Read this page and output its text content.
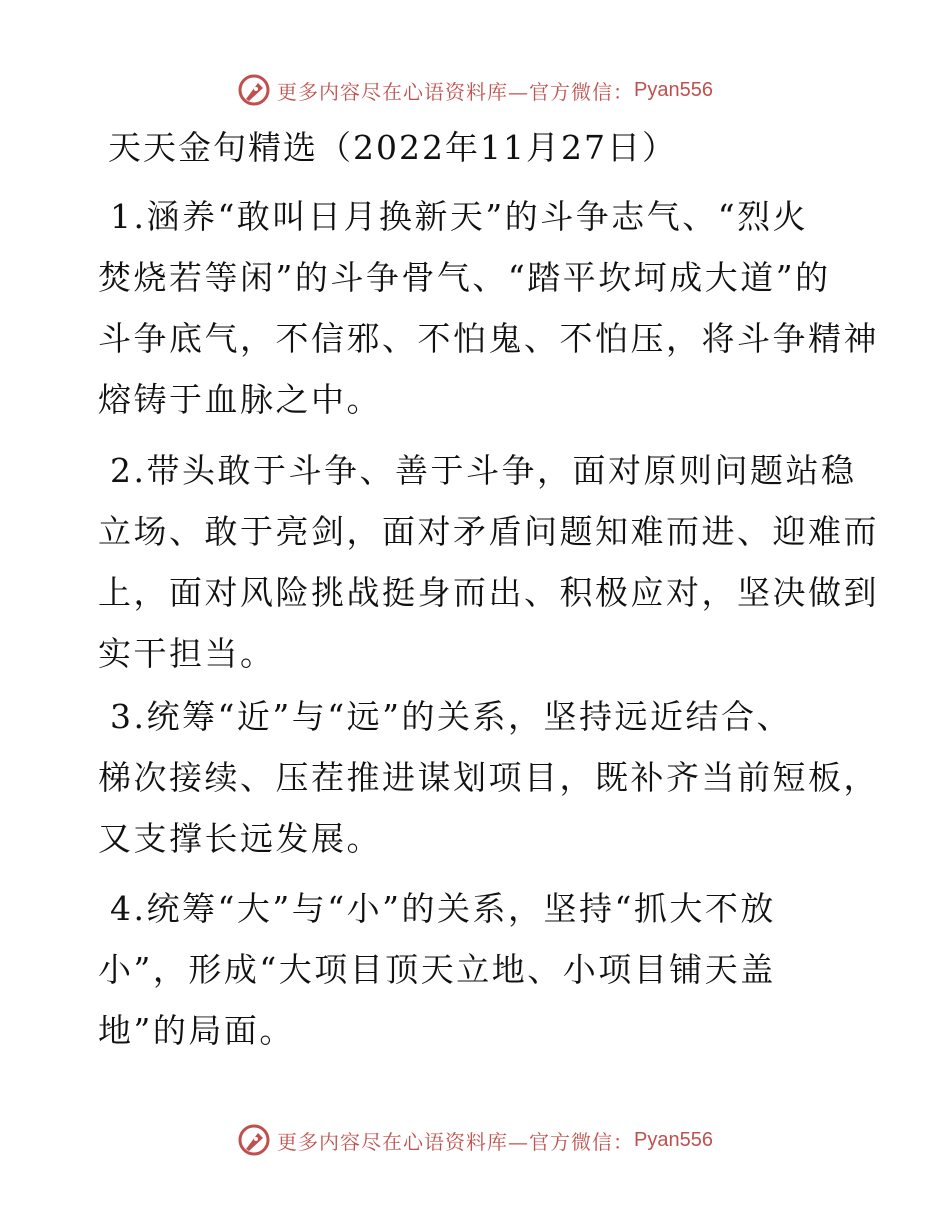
更多内容尽在心语资料库—官方微信： Pyan556
天天金句精选（2022年11月27日）
1.涵养“敢叫日月换新天”的斗争志气、“烈火
焚烧若等闲”的斗争骨气、“踏平坎坷成大道”的
斗争底气，不信邪、不怕鬼、不怕压，将斗争精神
熔铸于血脉之中。
2.带头敢于斗争、善于斗争，面对原则问题站稳
立场、敢于亮剑，面对矛盾问题知难而进、迎难而
上，面对风险挑战挺身而出、积极应对，坚决做到
实干担当。
3.统筹“近”与“远”的关系，坚持远近结合、
梯次接续、压茬推进谋划项目，既补齐当前短板，
又支撑长远发展。
4.统筹“大”与“小”的关系，坚持“抓大不放
小”，形成“大项目顶天立地、小项目铺天盖
地”的局面。
更多内容尽在心语资料库—官方微信： Pyan556
